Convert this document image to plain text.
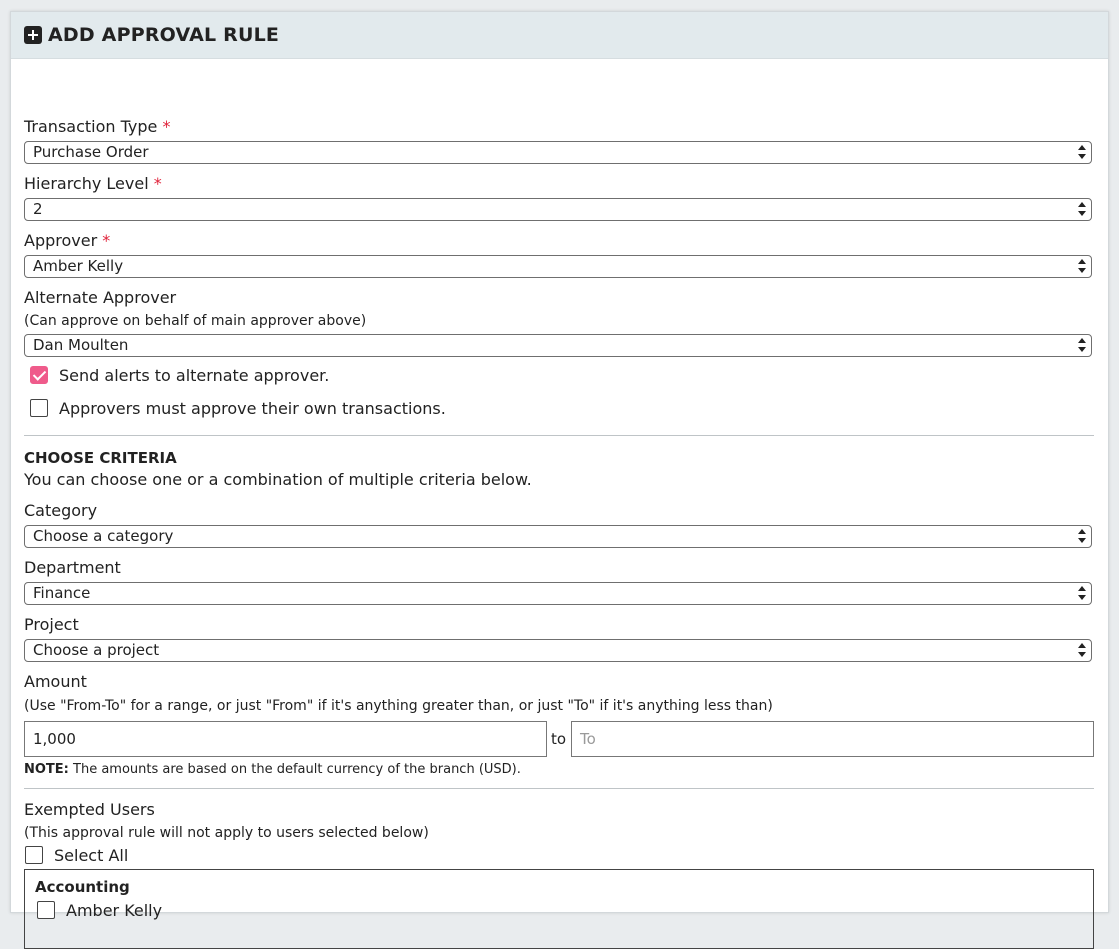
ADD APPROVAL RULE
Transaction Type *
Purchase Order
Hierarchy Level *
2
Approver *
Amber Kelly
Alternate Approver
(Can approve on behalf of main approver above)
Dan Moulten
Send alerts to alternate approver.
Approvers must approve their own transactions.
CHOOSE CRITERIA
You can choose one or a combination of multiple criteria below.
Category
Choose a category
Department
Finance
Project
Choose a project
Amount
(Use "From-To" for a range, or just "From" if it's anything greater than, or just "To" if it's anything less than)
1,000	to To
NOTE: The amounts are based on the default currency of the branch (USD).
Exempted Users
(This approval rule will not apply to users selected below)
Select All
Accounting
Amber Kelly
